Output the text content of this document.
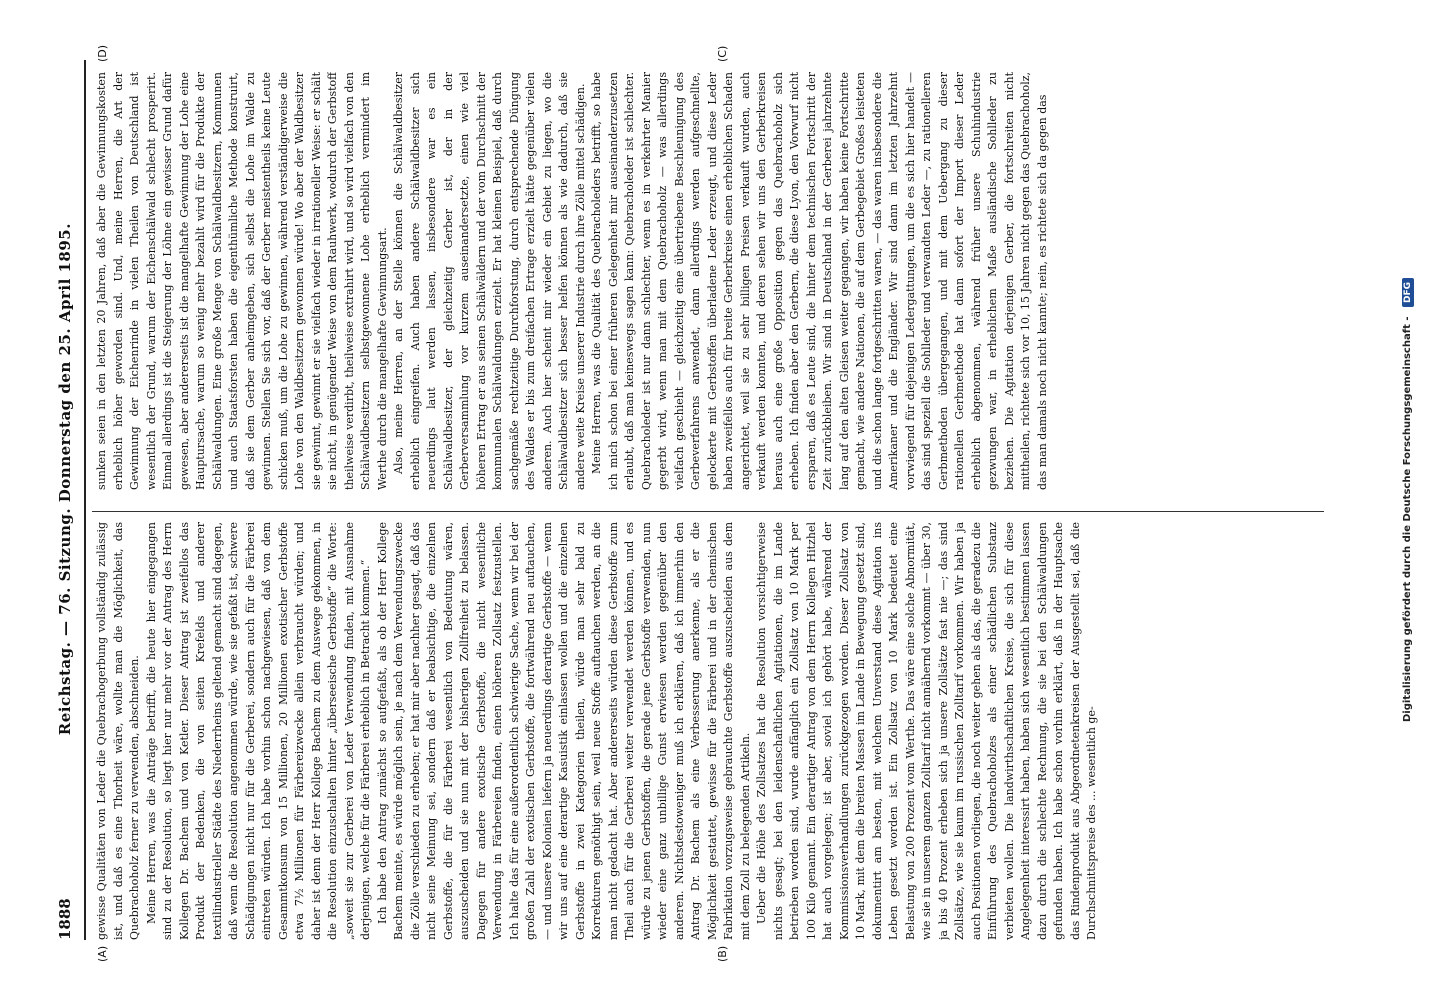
1888
Reichstag. — 76. Sitzung. Donnerstag den 25. April 1895.
(A)	(B)
(C)
(D)

gewisse Qualitäten von Leder die Quebrachogerbung vollständig zulässig ist, und daß es eine Thorheit wäre, wollte man die Möglichkeit, das Quebrachoholz ferner zu verwenden, abschneiden. Meine Herren, was die Anträge betrifft, die heute hier eingegangen sind zu der Resolution, so liegt hier nur mehr vor der Antrag des Herrn Kollegen Dr. Bachem und von Ketler. Dieser Antrag ist zweifellos das Produkt der Bedenken, die von seiten Krefelds und anderer textilindustrieller Städte des Niederrheins geltend gemacht sind dagegen, daß wenn die Resolution angenommen würde, wie sie gefaßt ist, schwere Schädigungen nicht nur für die Gerberei, sondern auch für die Färberei eintreten würden. Ich habe vorhin schon nachgewiesen, daß von dem Gesammtkonsum von 15 Millionen, 20 Millionen exotischer Gerbstoffe etwa 7½ Millionen für Färbereizwecke allein verbraucht würden; und daher ist denn der Herr Kollege Bachem zu dem Auswege gekommen, in die Resolution einzuschalten hinter „überseeische Gerbstoffe“ die Worte: „soweit sie zur Gerberei von Leder Verwendung finden, mit Ausnahme derjenigen, welche für die Färberei erheblich in Betracht kommen.“ Ich habe den Antrag zunächst so aufgefaßt, als ob der Herr Kollege Bachem meinte, es würde möglich sein, je nach dem Verwendungszwecke die Zölle verschieden zu erheben; er hat mir aber nachher gesagt, daß das nicht seine Meinung sei, sondern daß er beabsichtige, die einzelnen Gerbstoffe, die für die Färberei wesentlich von Bedeutung wären, auszuscheiden und sie nun mit der bisherigen Zollfreiheit zu belassen. Dagegen für andere exotische Gerbstoffe, die nicht wesentliche Verwendung in Färbereien finden, einen höheren Zollsatz festzustellen. Ich halte das für eine außerordentlich schwierige Sache, wenn wir bei der großen Zahl der exotischen Gerbstoffe, die fortwährend neu auftauchen, — und unsere Kolonien liefern ja neuerdings derartige Gerbstoffe — wenn wir uns auf eine derartige Kasuistik einlassen wollen und die einzelnen Gerbstoffe in zwei Kategorien theilen, würde man sehr bald zu Korrekturen genöthigt sein, weil neue Stoffe auftauchen werden, an die man nicht gedacht hat. Aber andererseits würden diese Gerbstoffe zum Theil auch für die Gerberei weiter verwendet werden können, und es würde zu jenen Gerbstoffen, die gerade jene Gerbstoffe verwenden, nun wieder eine ganz unbillige Gunst erwiesen werden gegenüber den anderen. Nichtsdestoweniger muß ich erklären, daß ich immerhin den Antrag Dr. Bachem als eine Verbesserung anerkenne, als er die Möglichkeit gestattet, gewisse für die Färberei und in der chemischen Fabrikation vorzugsweise gebrauchte Gerbstoffe auszuscheiden aus dem mit dem Zoll zu belegenden Artikeln. Ueber die Höhe des Zollsatzes hat die Resolution vorsichtigerweise nichts gesagt; bei den leidenschaftlichen Agitationen, die im Lande betrieben worden sind, wurde anfänglich ein Zollsatz von 10 Mark per 100 Kilo genannt. Ein derartiger Antrag von dem Herrn Kollegen Hitzhel hat auch vorgelegen; ist aber, soviel ich gehört habe, während der Kommissionsverhandlungen zurückgezogen worden. Dieser Zollsatz von 10 Mark, mit dem die breiten Massen im Lande in Bewegung gesetzt sind, dokumentirt am besten, mit welchem Unverstand diese Agitation ins Leben gesetzt worden ist. Ein Zollsatz von 10 Mark bedeutet eine Belastung von 200 Prozent vom Werthe. Das wäre eine solche Abnormität, wie sie in unserem ganzen Zolltarif nicht annähernd vorkommt — über 30, ja bis 40 Prozent erheben sich ja unsere Zollsätze fast nie —; das sind Zollsätze, wie sie kaum im russischen Zolltarif vorkommen. Wir haben ja auch Positionen vorliegen, die noch weiter gehen als das, die geradezu die Einführung des Quebrachoholzes als einer schädlichen Substanz verbieten wollen. Die landwirthschaftlichen Kreise, die sich für diese Angelegenheit interessirt haben, haben sich wesentlich bestimmen lassen dazu durch die schlechte Rechnung, die sie bei den Schälwaldungen gefunden haben. Ich habe schon vorhin erklärt, daß in der Hauptsache das Rindenprodukt aus Abgeordnetenkreisen der Ausgestellt sei, daß die Durchschnittspreise des ... wesentlich ge-

sunken seien in den letzten 20 Jahren, daß aber die Gewinnungskosten erheblich höher geworden sind. Und, meine Herren, die Art der Gewinnung der Eichenrinde in vielen Theilen von Deutschland ist wesentlich der Grund, warum der Eichenschälwald schlecht prosperirt. Einmal allerdings ist die Steigerung der Löhne ein gewisser Grund dafür gewesen, aber andererseits ist die mangelhafte Gewinnung der Lohe eine Hauptursache, warum so wenig mehr bezahlt wird für die Produkte der Schälwaldungen. Eine große Menge von Schälwaldbesitzern, Kommunen und auch Staatsforsten haben die eigenthümliche Methode konstruirt, daß sie dem Gerber anheimgeben, sich selbst die Lohe im Walde zu gewinnen. Stellen Sie sich vor, daß der Gerber meistentheils keine Leute schicken muß, um die Lohe zu gewinnen, während verständigerweise die Lohe von den Waldbesitzern gewonnen würde! Wo aber der Waldbesitzer sie gewinnt, gewinnt er sie vielfach wieder in irrationeller Weise: er schält sie nicht, in genügender Weise von dem Rauhwerk, wodurch der Gerbstoff theilweise verdirbt, theilweise extrahirt wird, und so wird vielfach von den Schälwaldbesitzern selbstgewonnene Lohe erheblich vermindert im Werthe durch die mangelhafte Gewinnungsart. Also, meine Herren, an der Stelle können die Schälwaldbesitzer erheblich eingreifen. Auch haben andere Schälwaldbesitzer sich neuerdings laut werden lassen, insbesondere war es ein Schälwaldbesitzer, der gleichzeitig Gerber ist, der in der Gerberversammlung vor kurzem auseinandersetzte, einen wie viel höheren Ertrag er aus seinen Schälwäldern und der vom Durchschnitt der kommunalen Schälwaldungen erzielt. Er hat kleinen Beispiel, daß durch sachgemäße rechtzeitige Durchforstung, durch entsprechende Düngung des Waldes er bis zum dreifachen Ertrage erzielt hätte gegenüber vielen anderen. Auch hier scheint mir wieder ein Gebiet zu liegen, wo die Schälwaldbesitzer sich besser helfen können als wie dadurch, daß sie andere weite Kreise unserer Industrie durch ihre Zölle mittel schädigen. Meine Herren, was die Qualität des Quebracholeders betrifft, so habe ich mich schon bei einer früheren Gelegenheit mir auseinanderzusetzen erlaubt, daß man keineswegs sagen kann: Quebracholeder ist schlechter. Quebracholeder ist nur dann schlechter, wenn es in verkehrter Manier gegerbt wird, wenn man mit dem Quebrachoholz — was allerdings vielfach geschieht — gleichzeitig eine übertriebene Beschleunigung des Gerbeverfahrens anwendet, dann allerdings werden aufgeschnellte, gelockerte mit Gerbstoffen überladene Leder erzeugt, und diese Leder haben zweifellos auch für breite Gerberkreise einen erheblichen Schaden angerichtet, weil sie zu sehr billigen Preisen verkauft wurden, auch verkauft werden konnten, und deren sehen wir uns den Gerberkreisen heraus auch eine große Opposition gegen das Quebrachoholz sich erheben. Ich finden aber den Gerbern, die diese Lyon, den Vorwurf nicht ersparen, daß es Leute sind, die hinter dem technischen Fortschritt der Zeit zurückbleiben. Wir sind in Deutschland in der Gerberei jahrzehnte lang auf den alten Gleisen weiter gegangen, wir haben keine Fortschritte gemacht, wie andere Nationen, die auf dem Gerbegebiet Großes leisteten und die schon lange fortgeschritten waren, — das waren insbesondere die Amerikaner und die Engländer. Wir sind dann im letzten Jahrzehnt vorwiegend für diejenigen Ledergattungen, um die es sich hier handelt — das sind speziell die Sohlleder und verwandten Leder —, zu rationelleren Gerbmethoden übergegangen, und mit dem Uebergang zu dieser rationellen Gerbmethode hat dann sofort der Import dieser Leder erheblich abgenommen, während früher unsere Schuhindustrie gezwungen war, in erheblichem Maße ausländische Sohlleder zu beziehen. Die Agitation derjenigen Gerber, die fortschreiten nicht mittheilen, richtete sich vor 10, 15 Jahren nicht gegen das Quebrachoholz, das man damals noch nicht kannte; nein, es richtete sich da gegen das

Digitalisierung gefördert durch die Deutsche Forschungsgemeinschaft - DFG
